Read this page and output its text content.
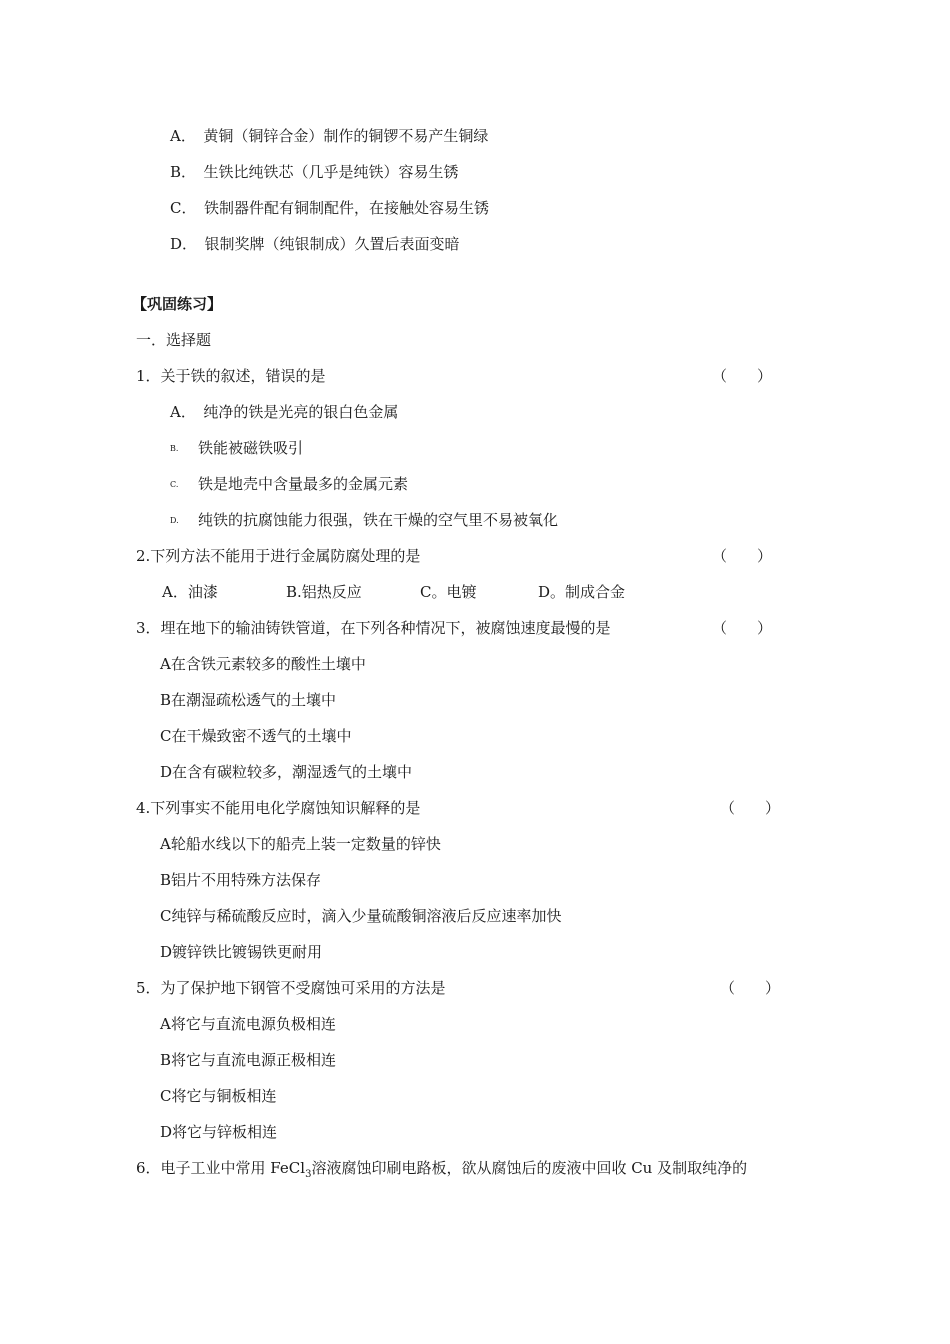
A．　黄铜（铜锌合金）制作的铜锣不易产生铜绿
B．　生铁比纯铁芯（几乎是纯铁）容易生锈
C．　铁制器件配有铜制配件，在接触处容易生锈
D．　银制奖牌（纯银制成）久置后表面变暗
【巩固练习】
一．选择题
1．关于铁的叙述，错误的是	（　　）
A．　纯净的铁是光亮的银白色金属
B. 铁能被磁铁吸引
C. 铁是地壳中含量最多的金属元素
D. 纯铁的抗腐蚀能力很强，铁在干燥的空气里不易被氧化
2.下列方法不能用于进行金属防腐处理的是	（　　）
A．油漆	B.铝热反应	C。电镀	D。制成合金
3．埋在地下的输油铸铁管道，在下列各种情况下，被腐蚀速度最慢的是	（　　）
A在含铁元素较多的酸性土壤中
B在潮湿疏松透气的土壤中
C在干燥致密不透气的土壤中
D在含有碳粒较多，潮湿透气的土壤中
4.下列事实不能用电化学腐蚀知识解释的是	（　　）
A轮船水线以下的船壳上装一定数量的锌快
B铝片不用特殊方法保存
C纯锌与稀硫酸反应时，滴入少量硫酸铜溶液后反应速率加快
D镀锌铁比镀锡铁更耐用
5．为了保护地下钢管不受腐蚀可采用的方法是	（　　）
A将它与直流电源负极相连
B将它与直流电源正极相连
C将它与铜板相连
D将它与锌板相连
6．电子工业中常用 FeCl$_3$溶液腐蚀印刷电路板，欲从腐蚀后的废液中回收 Cu 及制取纯净的
